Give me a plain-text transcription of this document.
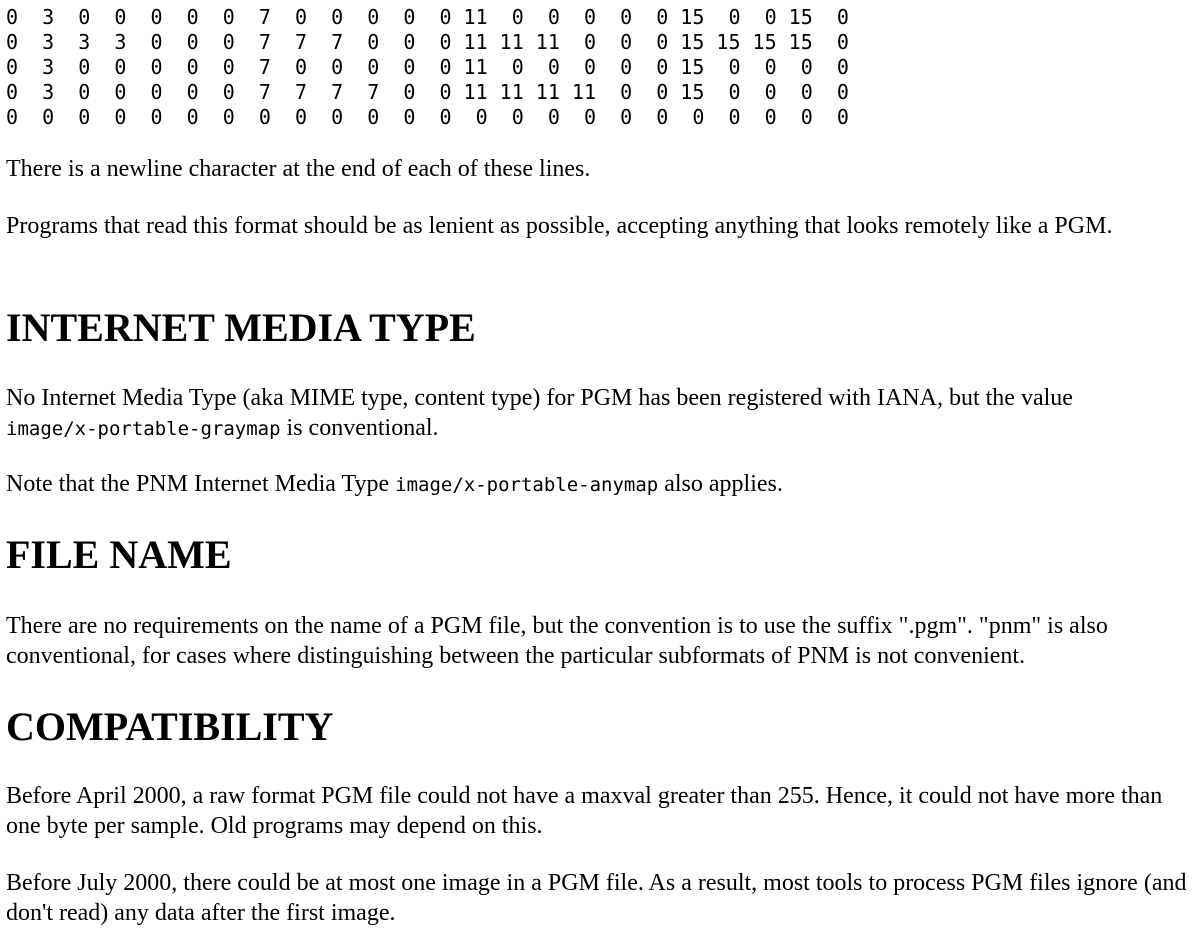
0  3  0  0  0  0  0  7  0  0  0  0  0 11  0  0  0  0  0 15  0  0 15  0
0  3  3  3  0  0  0  7  7  7  0  0  0 11 11 11  0  0  0 15 15 15 15  0
0  3  0  0  0  0  0  7  0  0  0  0  0 11  0  0  0  0  0 15  0  0  0  0
0  3  0  0  0  0  0  7  7  7  7  0  0 11 11 11 11  0  0 15  0  0  0  0
0  0  0  0  0  0  0  0  0  0  0  0  0  0  0  0  0  0  0  0  0  0  0  0

There is a newline character at the end of each of these lines.

Programs that read this format should be as lenient as possible, accepting anything that looks remotely like a PGM.

INTERNET MEDIA TYPE

No Internet Media Type (aka MIME type, content type) for PGM has been registered with IANA, but the value
image/x-portable-graymap is conventional.

Note that the PNM Internet Media Type image/x-portable-anymap also applies.

FILE NAME

There are no requirements on the name of a PGM file, but the convention is to use the suffix ".pgm". "pnm" is also conventional, for cases where distinguishing between the particular subformats of PNM is not convenient.

COMPATIBILITY

Before April 2000, a raw format PGM file could not have a maxval greater than 255. Hence, it could not have more than one byte per sample. Old programs may depend on this.

Before July 2000, there could be at most one image in a PGM file. As a result, most tools to process PGM files ignore (and don't read) any data after the first image.
